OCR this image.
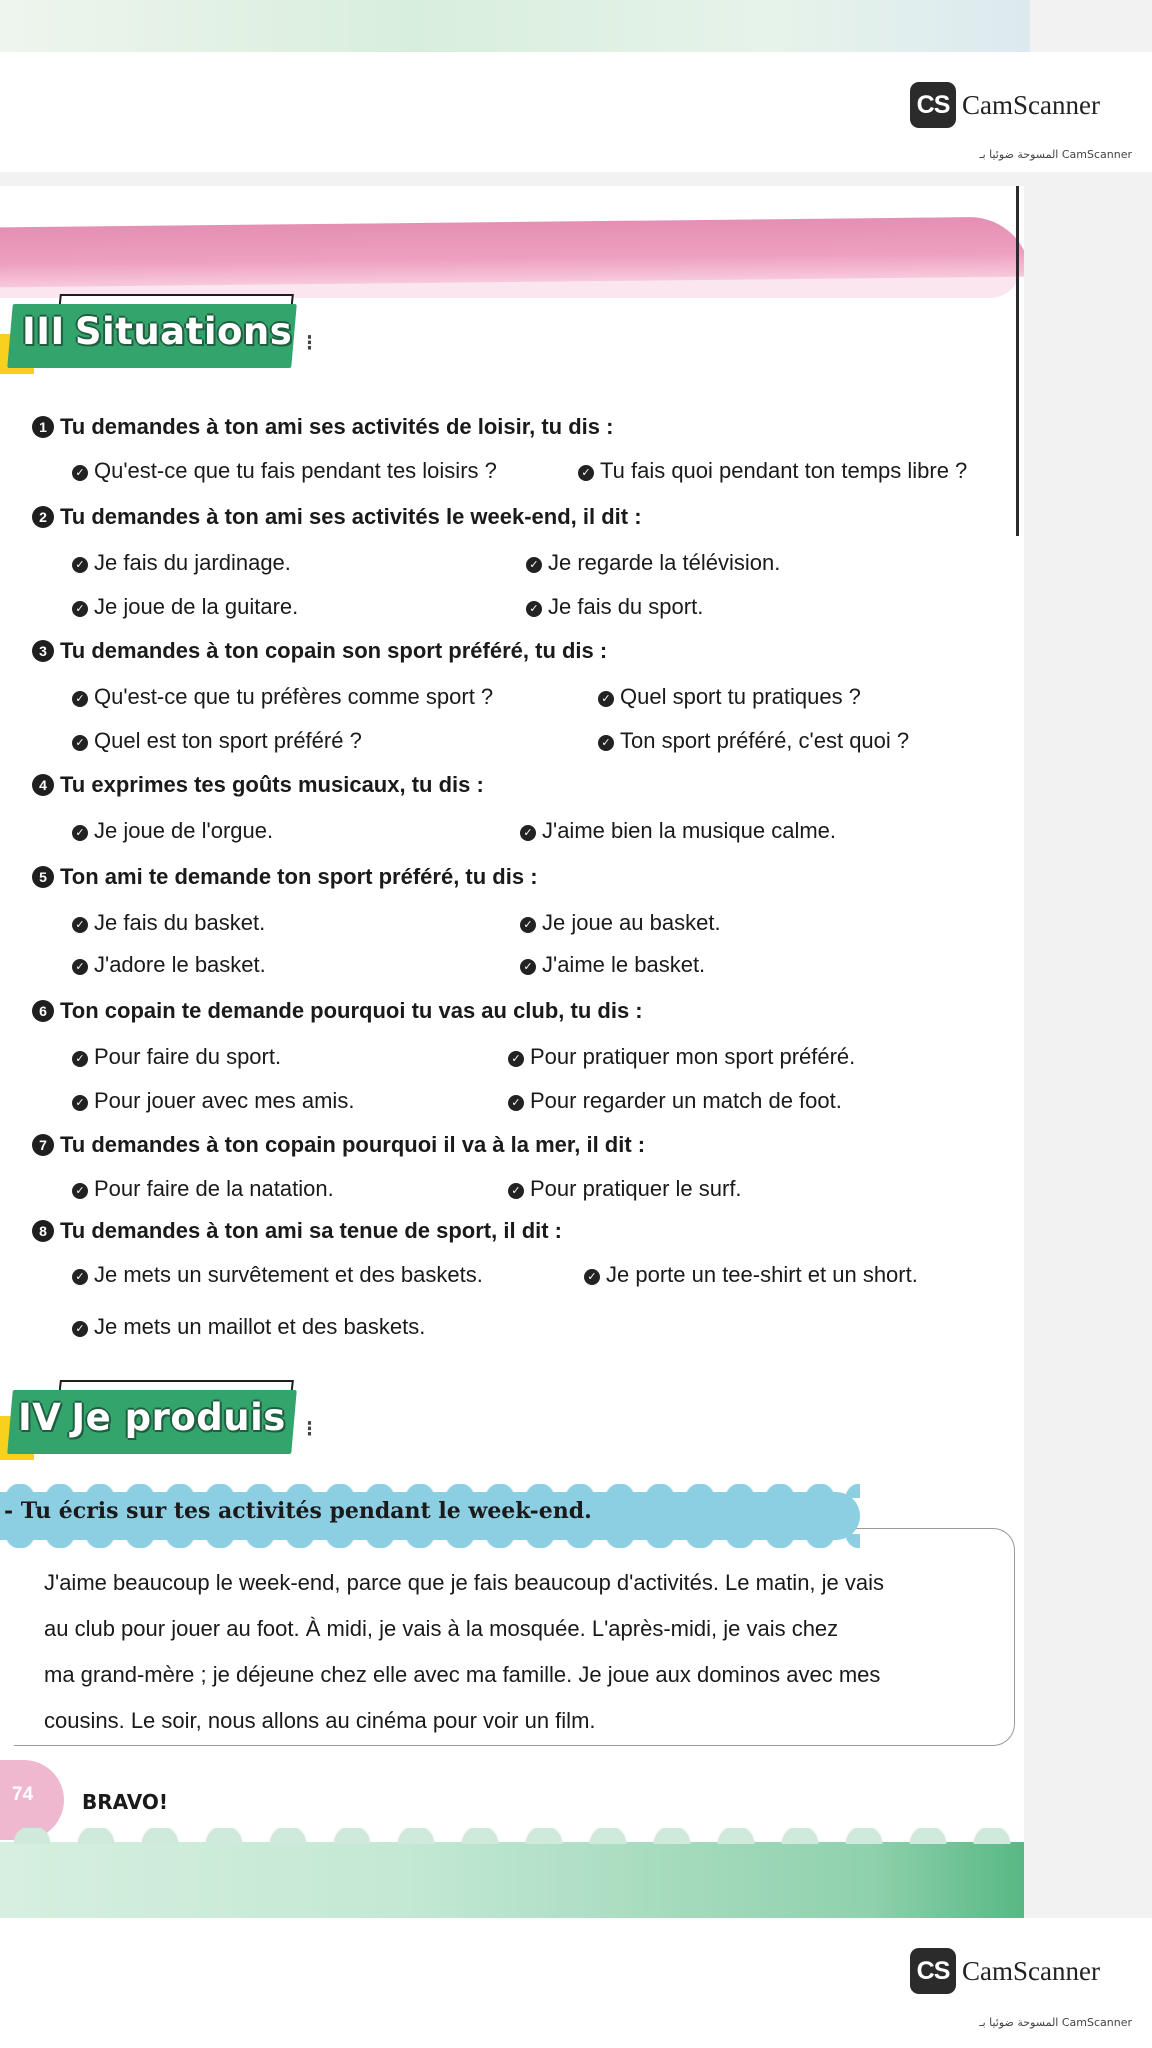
CS CamScanner
المسوحة ضوئيا بـ CamScanner
III Situations ⁝
1 Tu demandes à ton ami ses activités de loisir, tu dis :
✓ Qu'est-ce que tu fais pendant tes loisirs ?	✓ Tu fais quoi pendant ton temps libre ?
2 Tu demandes à ton ami ses activités le week-end, il dit :
✓ Je fais du jardinage.	✓ Je regarde la télévision.
✓ Je joue de la guitare.	✓ Je fais du sport.
3 Tu demandes à ton copain son sport préféré, tu dis :
✓ Qu'est-ce que tu préfères comme sport ?	✓ Quel sport tu pratiques ?
✓ Quel est ton sport préféré ?	✓ Ton sport préféré, c'est quoi ?
4 Tu exprimes tes goûts musicaux, tu dis :
✓ Je joue de l'orgue.	✓ J'aime bien la musique calme.
5 Ton ami te demande ton sport préféré, tu dis :
✓ Je fais du basket.	✓ Je joue au basket.
✓ J'adore le basket.	✓ J'aime le basket.
6 Ton copain te demande pourquoi tu vas au club, tu dis :
✓ Pour faire du sport.	✓ Pour pratiquer mon sport préféré.
✓ Pour jouer avec mes amis.	✓ Pour regarder un match de foot.
7 Tu demandes à ton copain pourquoi il va à la mer, il dit :
✓ Pour faire de la natation.	✓ Pour pratiquer le surf.
8 Tu demandes à ton ami sa tenue de sport, il dit :
✓ Je mets un survêtement et des baskets.	✓ Je porte un tee-shirt et un short.
✓ Je mets un maillot et des baskets.
IV Je produis ⁝
- Tu écris sur tes activités pendant le week-end.
J'aime beaucoup le week-end, parce que je fais beaucoup d'activités. Le matin, je vais
au club pour jouer au foot. À midi, je vais à la mosquée. L'après-midi, je vais chez
ma grand-mère ; je déjeune chez elle avec ma famille. Je joue aux dominos avec mes
cousins. Le soir, nous allons au cinéma pour voir un film.
74 BRAVO!
CS CamScanner
المسوحة ضوئيا بـ CamScanner
